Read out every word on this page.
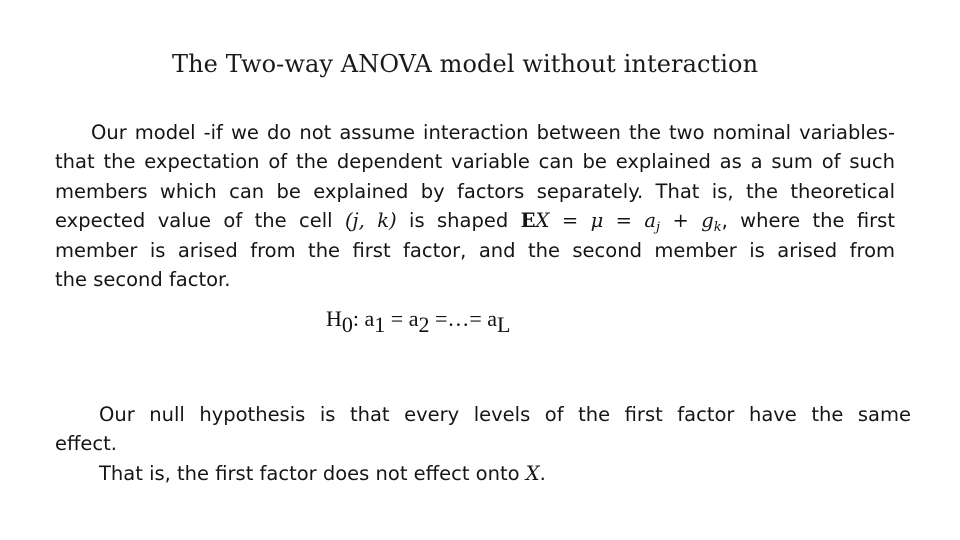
The Two-way ANOVA model without interaction
Our model -if we do not assume interaction between the two nominal variables-
that the expectation of the dependent variable can be explained as a sum of such
members which can be explained by factors separately. That is, the theoretical
expected value of the cell (j, k) is shaped EX = $\mu = a_j + g_k$, where the first
member is arised from the first factor, and the second member is arised from
the second factor.
H0: a1 = a2 =…= aL
Our null hypothesis is that every levels of the first factor have the same
effect.
That is, the first factor does not effect onto X.
